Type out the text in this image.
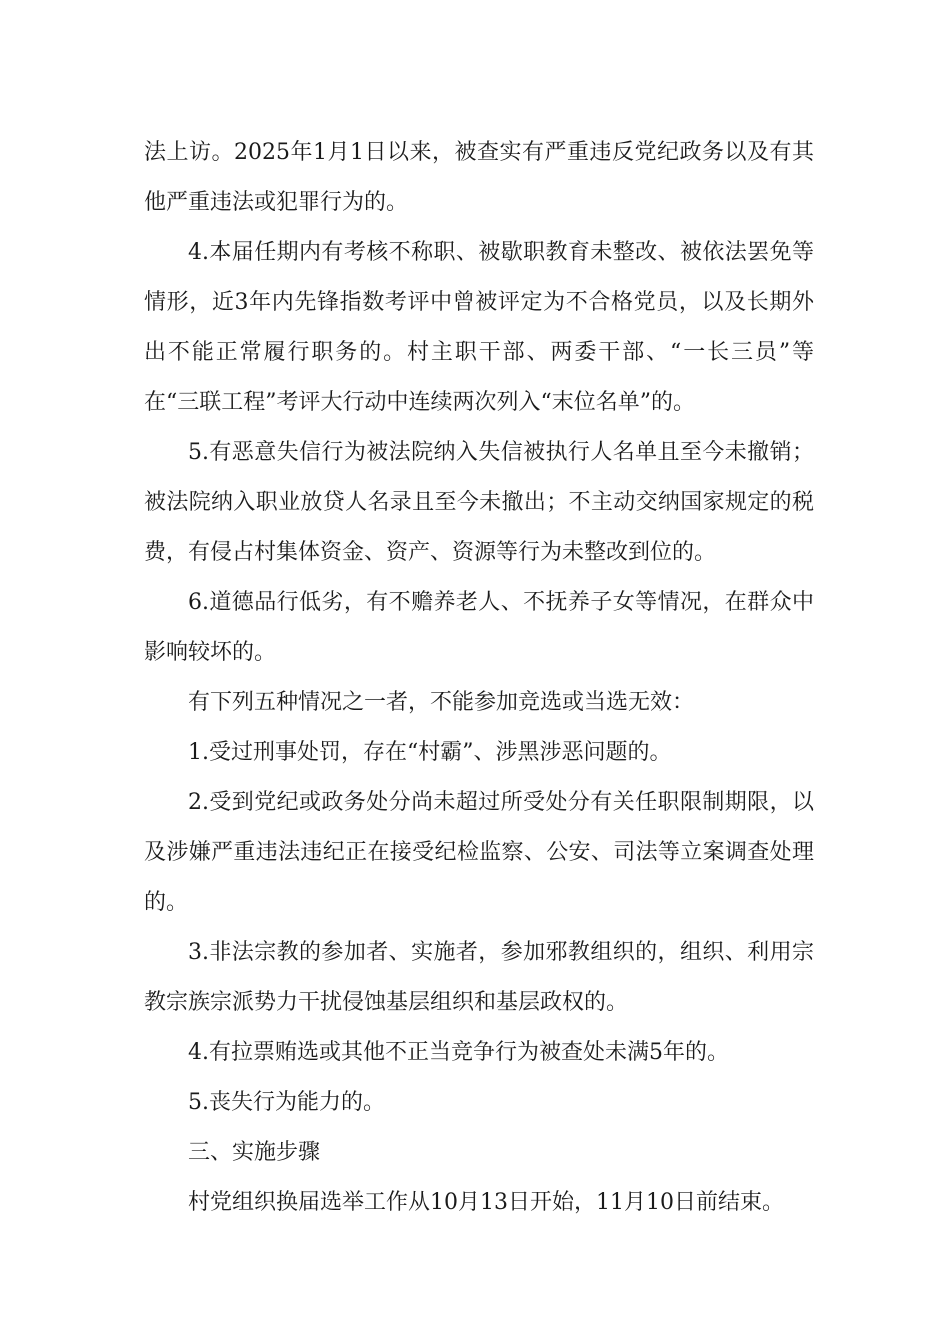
法上访。2025年1月1日以来，被查实有严重违反党纪政务以及有其他严重违法或犯罪行为的。

4.本届任期内有考核不称职、被歇职教育未整改、被依法罢免等情形，近3年内先锋指数考评中曾被评定为不合格党员，以及长期外出不能正常履行职务的。村主职干部、两委干部、“一长三员”等在“三联工程”考评大行动中连续两次列入“末位名单”的。

5.有恶意失信行为被法院纳入失信被执行人名单且至今未撤销；被法院纳入职业放贷人名录且至今未撤出；不主动交纳国家规定的税费，有侵占村集体资金、资产、资源等行为未整改到位的。

6.道德品行低劣，有不赡养老人、不抚养子女等情况，在群众中影响较坏的。

有下列五种情况之一者，不能参加竞选或当选无效：

1.受过刑事处罚，存在“村霸”、涉黑涉恶问题的。

2.受到党纪或政务处分尚未超过所受处分有关任职限制期限，以及涉嫌严重违法违纪正在接受纪检监察、公安、司法等立案调查处理的。

3.非法宗教的参加者、实施者，参加邪教组织的，组织、利用宗教宗族宗派势力干扰侵蚀基层组织和基层政权的。

4.有拉票贿选或其他不正当竞争行为被查处未满5年的。

5.丧失行为能力的。

三、实施步骤

村党组织换届选举工作从10月13日开始，11月10日前结束。
